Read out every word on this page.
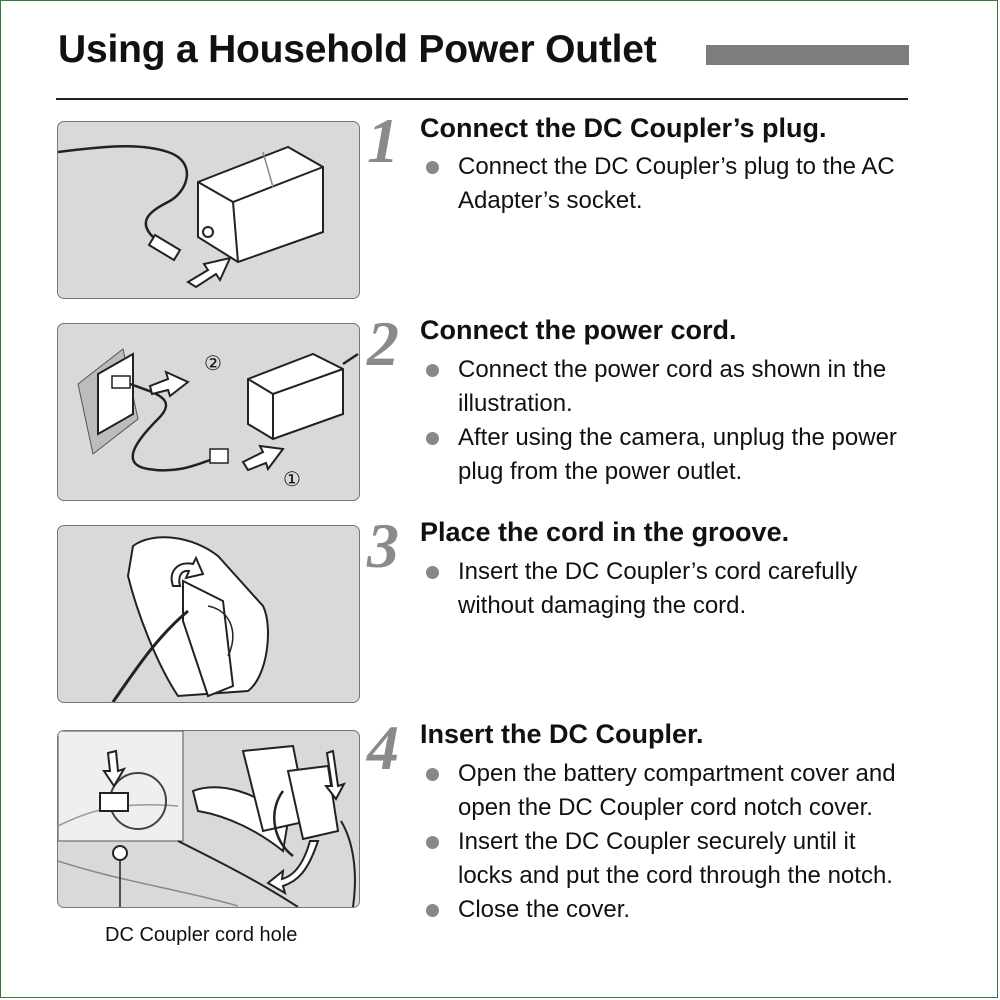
Using a Household Power Outlet
1 Connect the DC Coupler’s plug.
Connect the DC Coupler’s plug to the AC Adapter’s socket.
②
①
2 Connect the power cord.
Connect the power cord as shown in the illustration.
After using the camera, unplug the power plug from the power outlet.
3 Place the cord in the groove.
Insert the DC Coupler’s cord carefully without damaging the cord.
4 Insert the DC Coupler.
Open the battery compartment cover and open the DC Coupler cord notch cover.
Insert the DC Coupler securely until it locks and put the cord through the notch.
Close the cover.
DC Coupler cord hole
